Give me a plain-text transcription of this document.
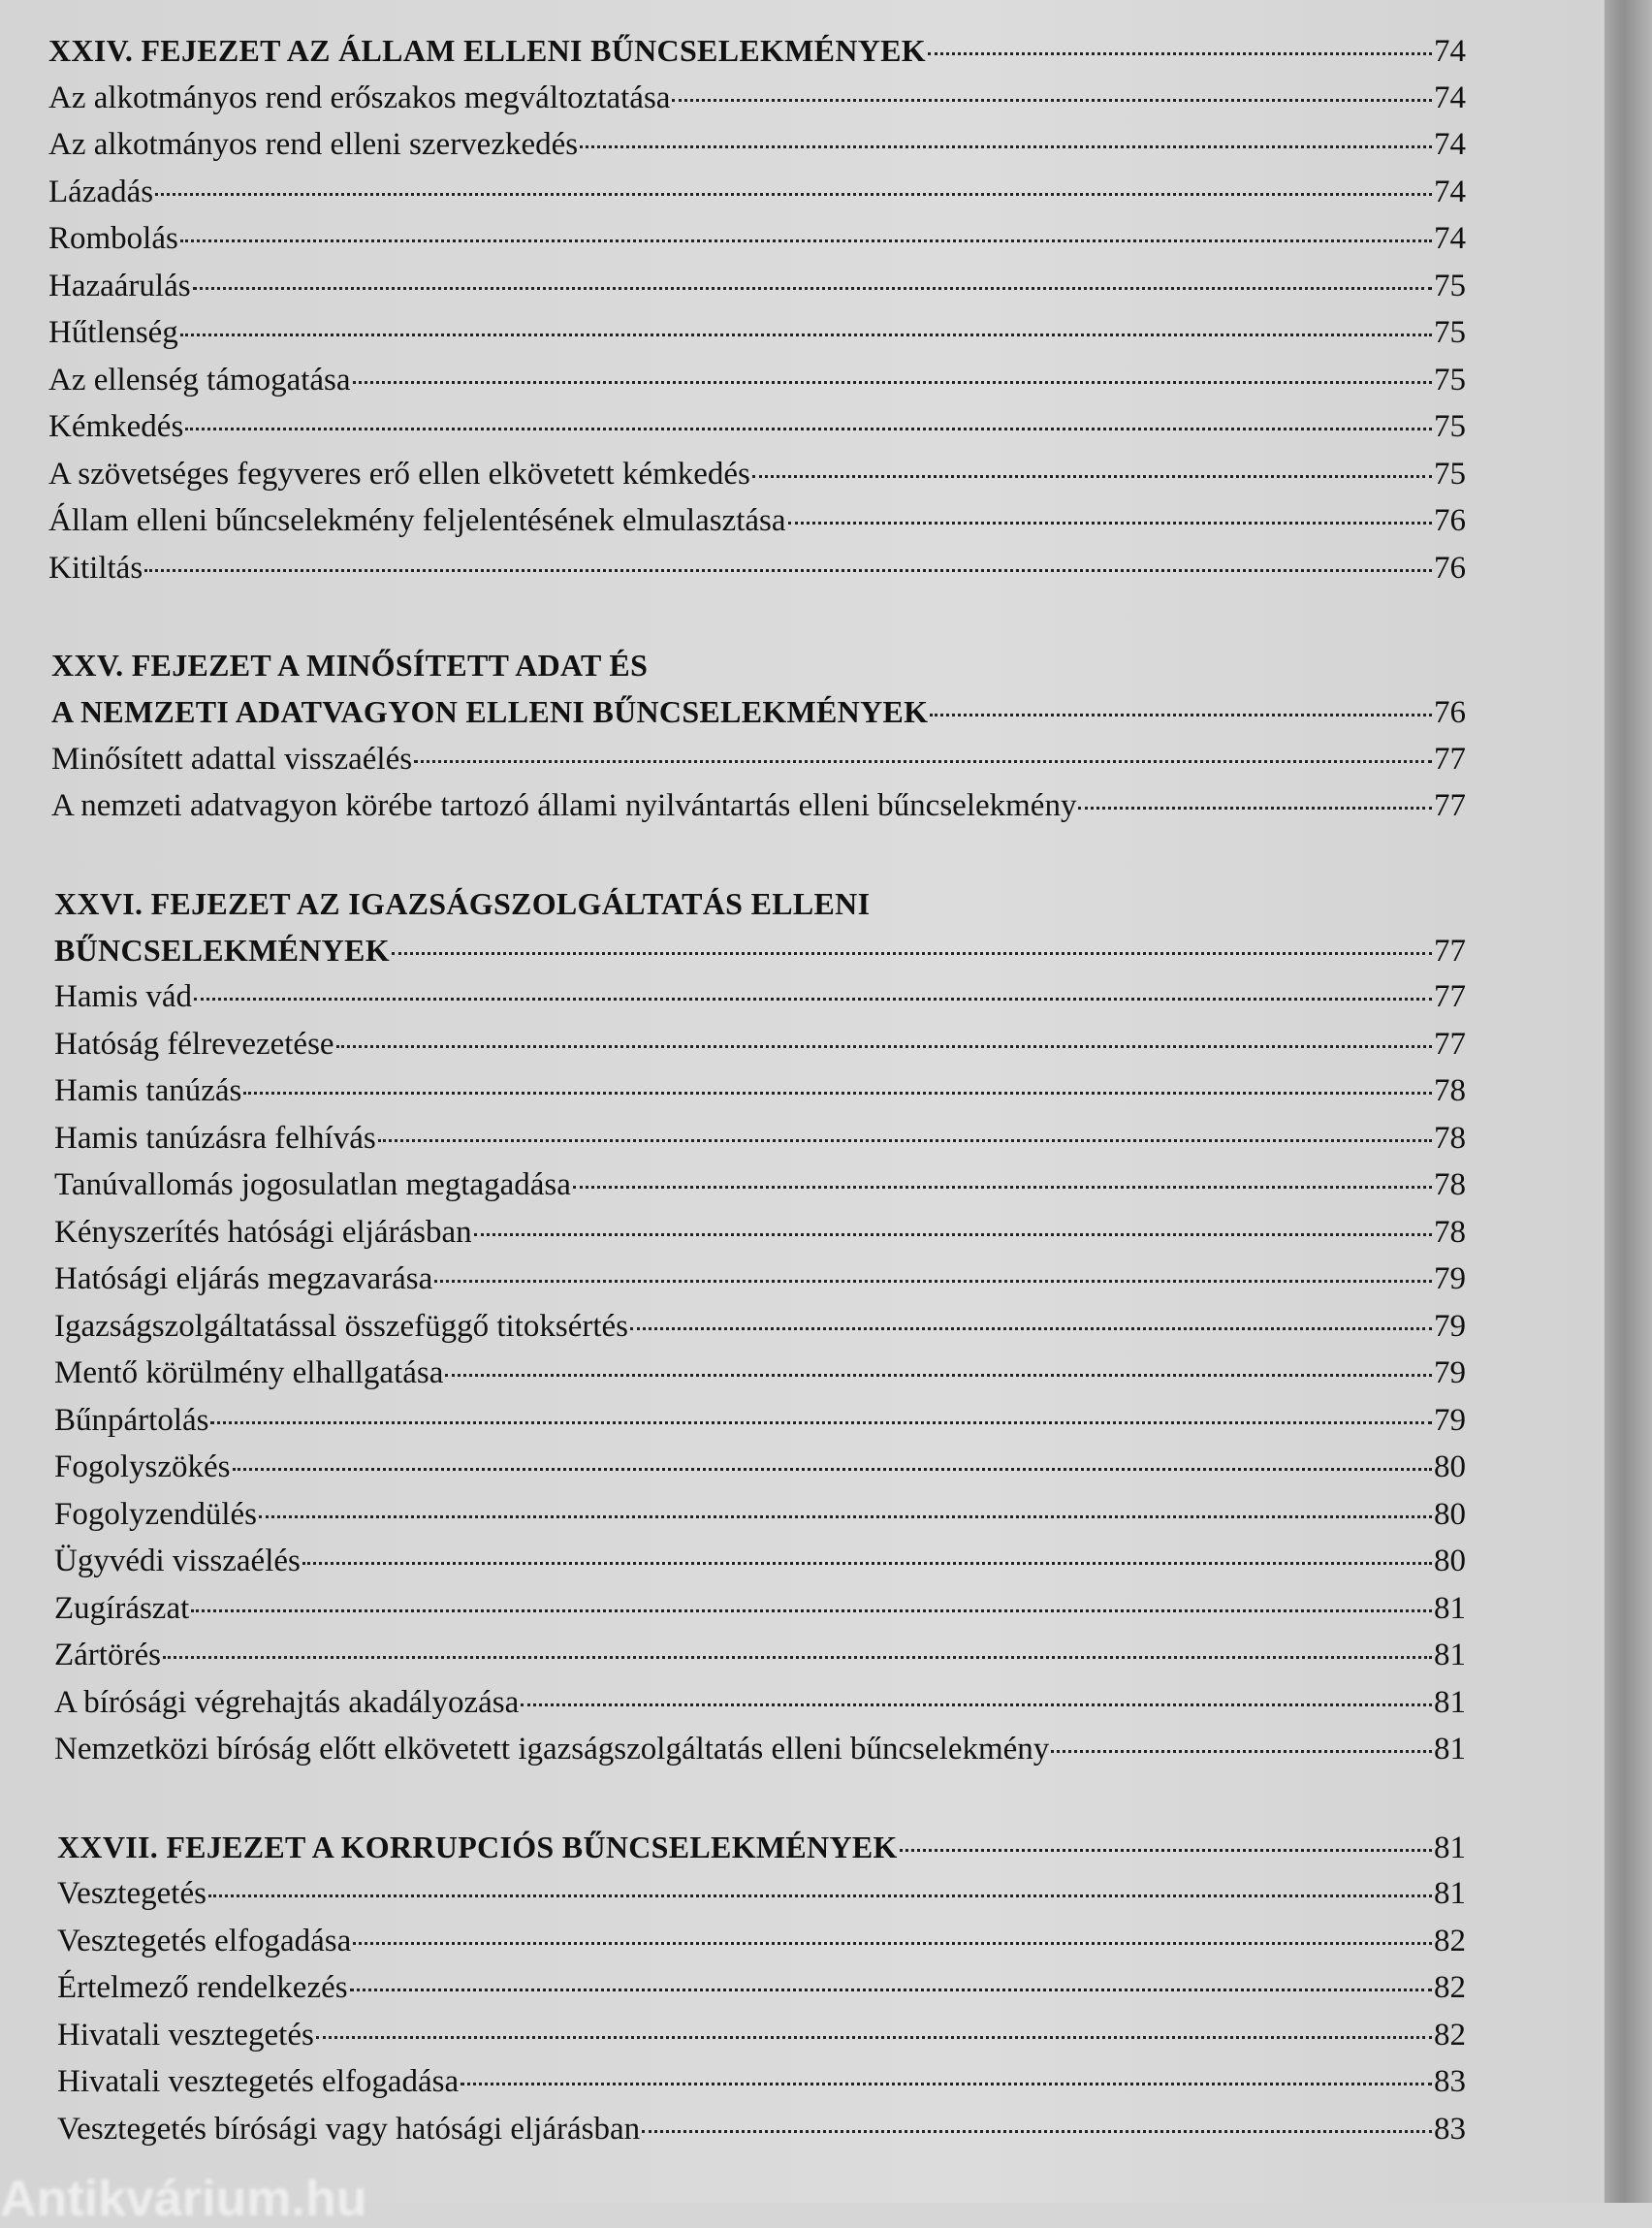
XXIV. FEJEZET AZ ÁLLAM ELLENI BŰNCSELEKMÉNYEK	74
Az alkotmányos rend erőszakos megváltoztatása	74
Az alkotmányos rend elleni szervezkedés	74
Lázadás	74
Rombolás	74
Hazaárulás	75
Hűtlenség	75
Az ellenség támogatása	75
Kémkedés	75
A szövetséges fegyveres erő ellen elkövetett kémkedés	75
Állam elleni bűncselekmény feljelentésének elmulasztása	76
Kitiltás	76
XXV. FEJEZET A MINŐSÍTETT ADAT ÉS
A NEMZETI ADATVAGYON ELLENI BŰNCSELEKMÉNYEK	76
Minősített adattal visszaélés	77
A nemzeti adatvagyon körébe tartozó állami nyilvántartás elleni bűncselekmény	77
XXVI. FEJEZET AZ IGAZSÁGSZOLGÁLTATÁS ELLENI
BŰNCSELEKMÉNYEK	77
Hamis vád	77
Hatóság félrevezetése	77
Hamis tanúzás	78
Hamis tanúzásra felhívás	78
Tanúvallomás jogosulatlan megtagadása	78
Kényszerítés hatósági eljárásban	78
Hatósági eljárás megzavarása	79
Igazságszolgáltatással összefüggő titoksértés	79
Mentő körülmény elhallgatása	79
Bűnpártolás	79
Fogolyszökés	80
Fogolyzendülés	80
Ügyvédi visszaélés	80
Zugírászat	81
Zártörés	81
A bírósági végrehajtás akadályozása	81
Nemzetközi bíróság előtt elkövetett igazságszolgáltatás elleni bűncselekmény	81
XXVII. FEJEZET A KORRUPCIÓS BŰNCSELEKMÉNYEK	81
Vesztegetés	81
Vesztegetés elfogadása	82
Értelmező rendelkezés	82
Hivatali vesztegetés	82
Hivatali vesztegetés elfogadása	83
Vesztegetés bírósági vagy hatósági eljárásban	83
Antikvárium.hu
